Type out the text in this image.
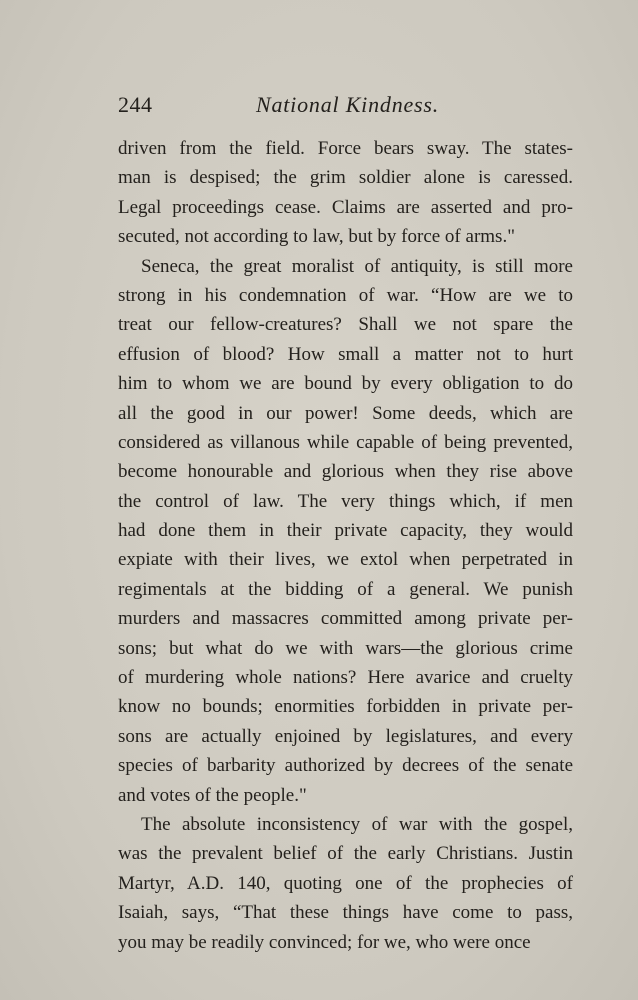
244	National Kindness.
driven from the field. Force bears sway. The states-
man is despised; the grim soldier alone is caressed.
Legal proceedings cease. Claims are asserted and pro-
secuted, not according to law, but by force of arms."
Seneca, the great moralist of antiquity, is still more
strong in his condemnation of war. “How are we to
treat our fellow-creatures? Shall we not spare the
effusion of blood? How small a matter not to hurt
him to whom we are bound by every obligation to do
all the good in our power! Some deeds, which are
considered as villanous while capable of being prevented,
become honourable and glorious when they rise above
the control of law. The very things which, if men
had done them in their private capacity, they would
expiate with their lives, we extol when perpetrated in
regimentals at the bidding of a general. We punish
murders and massacres committed among private per-
sons; but what do we with wars—the glorious crime
of murdering whole nations? Here avarice and cruelty
know no bounds; enormities forbidden in private per-
sons are actually enjoined by legislatures, and every
species of barbarity authorized by decrees of the senate
and votes of the people."
The absolute inconsistency of war with the gospel,
was the prevalent belief of the early Christians. Justin
Martyr, A.D. 140, quoting one of the prophecies of
Isaiah, says, “That these things have come to pass,
you may be readily convinced; for we, who were once
